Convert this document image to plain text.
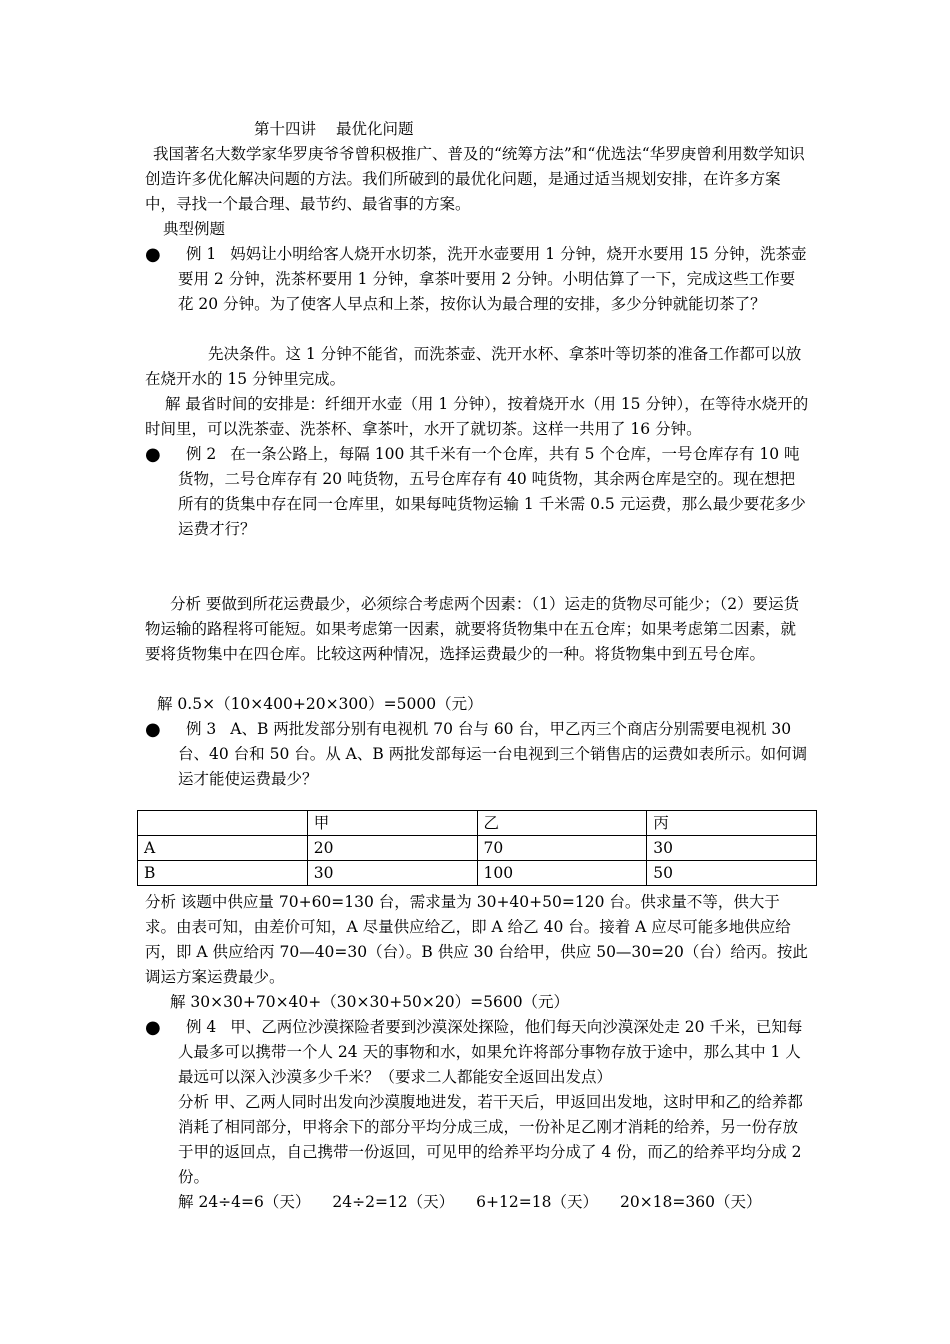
第十四讲 最优化问题

我国著名大数学家华罗庚爷爷曾积极推广、普及的“统筹方法”和“优选法“华罗庚曾利用数学知识创造许多优化解决问题的方法。我们所破到的最优化问题，是通过适当规划安排，在许多方案中，寻找一个最合理、最节约、最省事的方案。

典型例题

●	例 1 妈妈让小明给客人烧开水切茶，洗开水壶要用 1 分钟，烧开水要用 15 分钟，洗茶壶要用 2 分钟，洗茶杯要用 1 分钟，拿茶叶要用 2 分钟。小明估算了一下，完成这些工作要花 20 分钟。为了使客人早点和上茶，按你认为最合理的安排，多少分钟就能切茶了？

先决条件。这 1 分钟不能省，而洗茶壶、洗开水杯、拿茶叶等切茶的准备工作都可以放在烧开水的 15 分钟里完成。

解 最省时间的安排是：纤细开水壶（用 1 分钟），按着烧开水（用 15 分钟），在等待水烧开的时间里，可以洗茶壶、洗茶杯、拿茶叶，水开了就切茶。这样一共用了 16 分钟。

●	例 2 在一条公路上，每隔 100 其千米有一个仓库，共有 5 个仓库，一号仓库存有 10 吨货物，二号仓库存有 20 吨货物，五号仓库存有 40 吨货物，其余两仓库是空的。现在想把所有的货集中存在同一仓库里，如果每吨货物运输 1 千米需 0.5 元运费，那么最少要花多少运费才行？

分析 要做到所花运费最少，必须综合考虑两个因素：（1）运走的货物尽可能少；（2）要运货物运输的路程将可能短。如果考虑第一因素，就要将货物集中在五仓库；如果考虑第二因素，就要将货物集中在四仓库。比较这两种情况，选择运费最少的一种。将货物集中到五号仓库。

解 0.5×（10×400+20×300）=5000（元）

●	例 3 A、B 两批发部分别有电视机 70 台与 60 台，甲乙丙三个商店分别需要电视机 30 台、40 台和 50 台。从 A、B 两批发部每运一台电视到三个销售店的运费如表所示。如何调运才能使运费最少？

	甲	乙	丙
A	20	70	30
B	30	100	50

分析 该题中供应量 70+60=130 台，需求量为 30+40+50=120 台。供求量不等，供大于求。由表可知，由差价可知，A 尽量供应给乙，即 A 给乙 40 台。接着 A 应尽可能多地供应给丙，即 A 供应给丙 70—40=30（台）。B 供应 30 台给甲，供应 50—30=20（台）给丙。按此调运方案运费最少。

解 30×30+70×40+（30×30+50×20）=5600（元）

●	例 4 甲、乙两位沙漠探险者要到沙漠深处探险，他们每天向沙漠深处走 20 千米，已知每人最多可以携带一个人 24 天的事物和水，如果允许将部分事物存放于途中，那么其中 1 人最远可以深入沙漠多少千米？（要求二人都能安全返回出发点）

分析 甲、乙两人同时出发向沙漠腹地进发，若干天后，甲返回出发地，这时甲和乙的给养都消耗了相同部分，甲将余下的部分平均分成三成，一份补足乙刚才消耗的给养，另一份存放于甲的返回点，自己携带一份返回，可见甲的给养平均分成了 4 份，而乙的给养平均分成 2 份。

解 24÷4=6（天） 24÷2=12（天） 6+12=18（天） 20×18=360（天）
